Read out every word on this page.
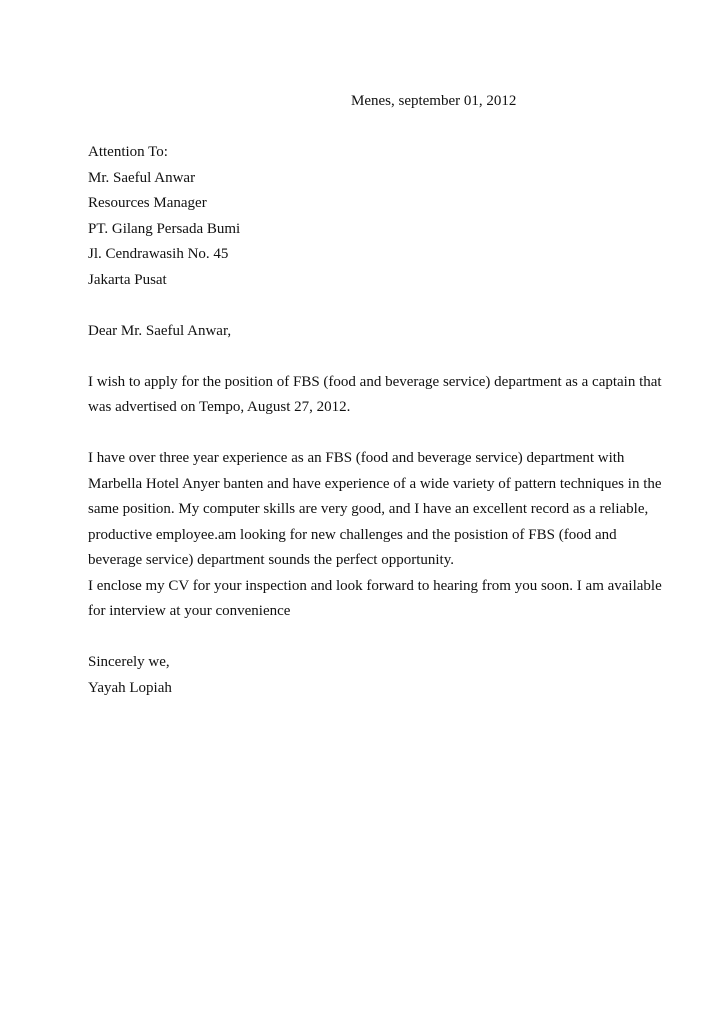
Menes, september 01, 2012
Attention To:
Mr. Saeful Anwar
Resources Manager
PT. Gilang Persada Bumi
Jl. Cendrawasih No. 45
Jakarta Pusat
Dear Mr. Saeful Anwar,
I wish to apply for the position of FBS (food and beverage service) department as a captain that
was advertised on Tempo, August 27, 2012.
I have over three year experience as an FBS (food and beverage service) department with
Marbella Hotel Anyer banten and have experience of a wide variety of pattern techniques in the
same position. My computer skills are very good, and I have an excellent record as a reliable,
productive employee.am looking for new challenges and the posistion of FBS (food and
beverage service) department sounds the perfect opportunity.
I enclose my CV for your inspection and look forward to hearing from you soon. I am available
for interview at your convenience
Sincerely we,
Yayah Lopiah
